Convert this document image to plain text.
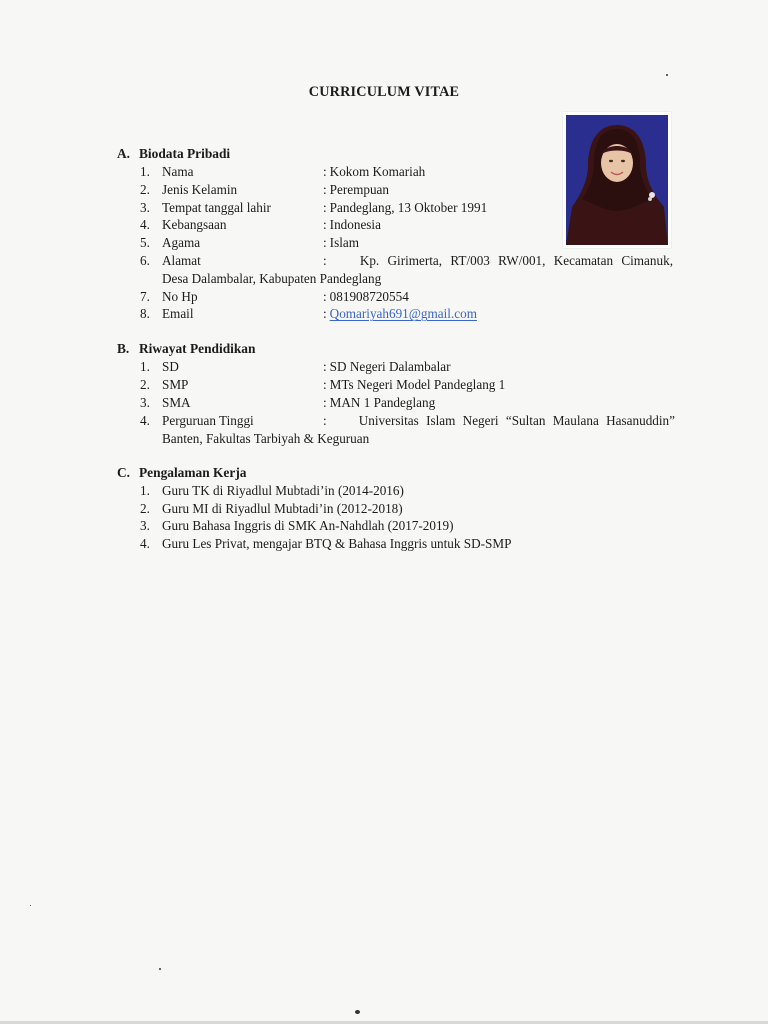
CURRICULUM VITAE
A. Biodata Pribadi
1. Nama	: Kokom Komariah
2. Jenis Kelamin	: Perempuan
3. Tempat tanggal lahir	: Pandeglang, 13 Oktober 1991
4. Kebangsaan	: Indonesia
5. Agama	: Islam
6. Alamat	:	Kp. Girimerta, RT/003 RW/001, Kecamatan Cimanuk,
Desa Dalambalar, Kabupaten Pandeglang
7. No Hp	: 081908720554
8. Email	: Qomariyah691@gmail.com
B. Riwayat Pendidikan
1. SD	: SD Negeri Dalambalar
2. SMP	: MTs Negeri Model Pandeglang 1
3. SMA	: MAN 1 Pandeglang
4. Perguruan Tinggi	: Universitas Islam Negeri “Sultan Maulana Hasanuddin”
Banten, Fakultas Tarbiyah & Keguruan
C. Pengalaman Kerja
1. Guru TK di Riyadlul Mubtadi’in (2014-2016)
2. Guru MI di Riyadlul Mubtadi’in (2012-2018)
3. Guru Bahasa Inggris di SMK An-Nahdlah (2017-2019)
4. Guru Les Privat, mengajar BTQ & Bahasa Inggris untuk SD-SMP
